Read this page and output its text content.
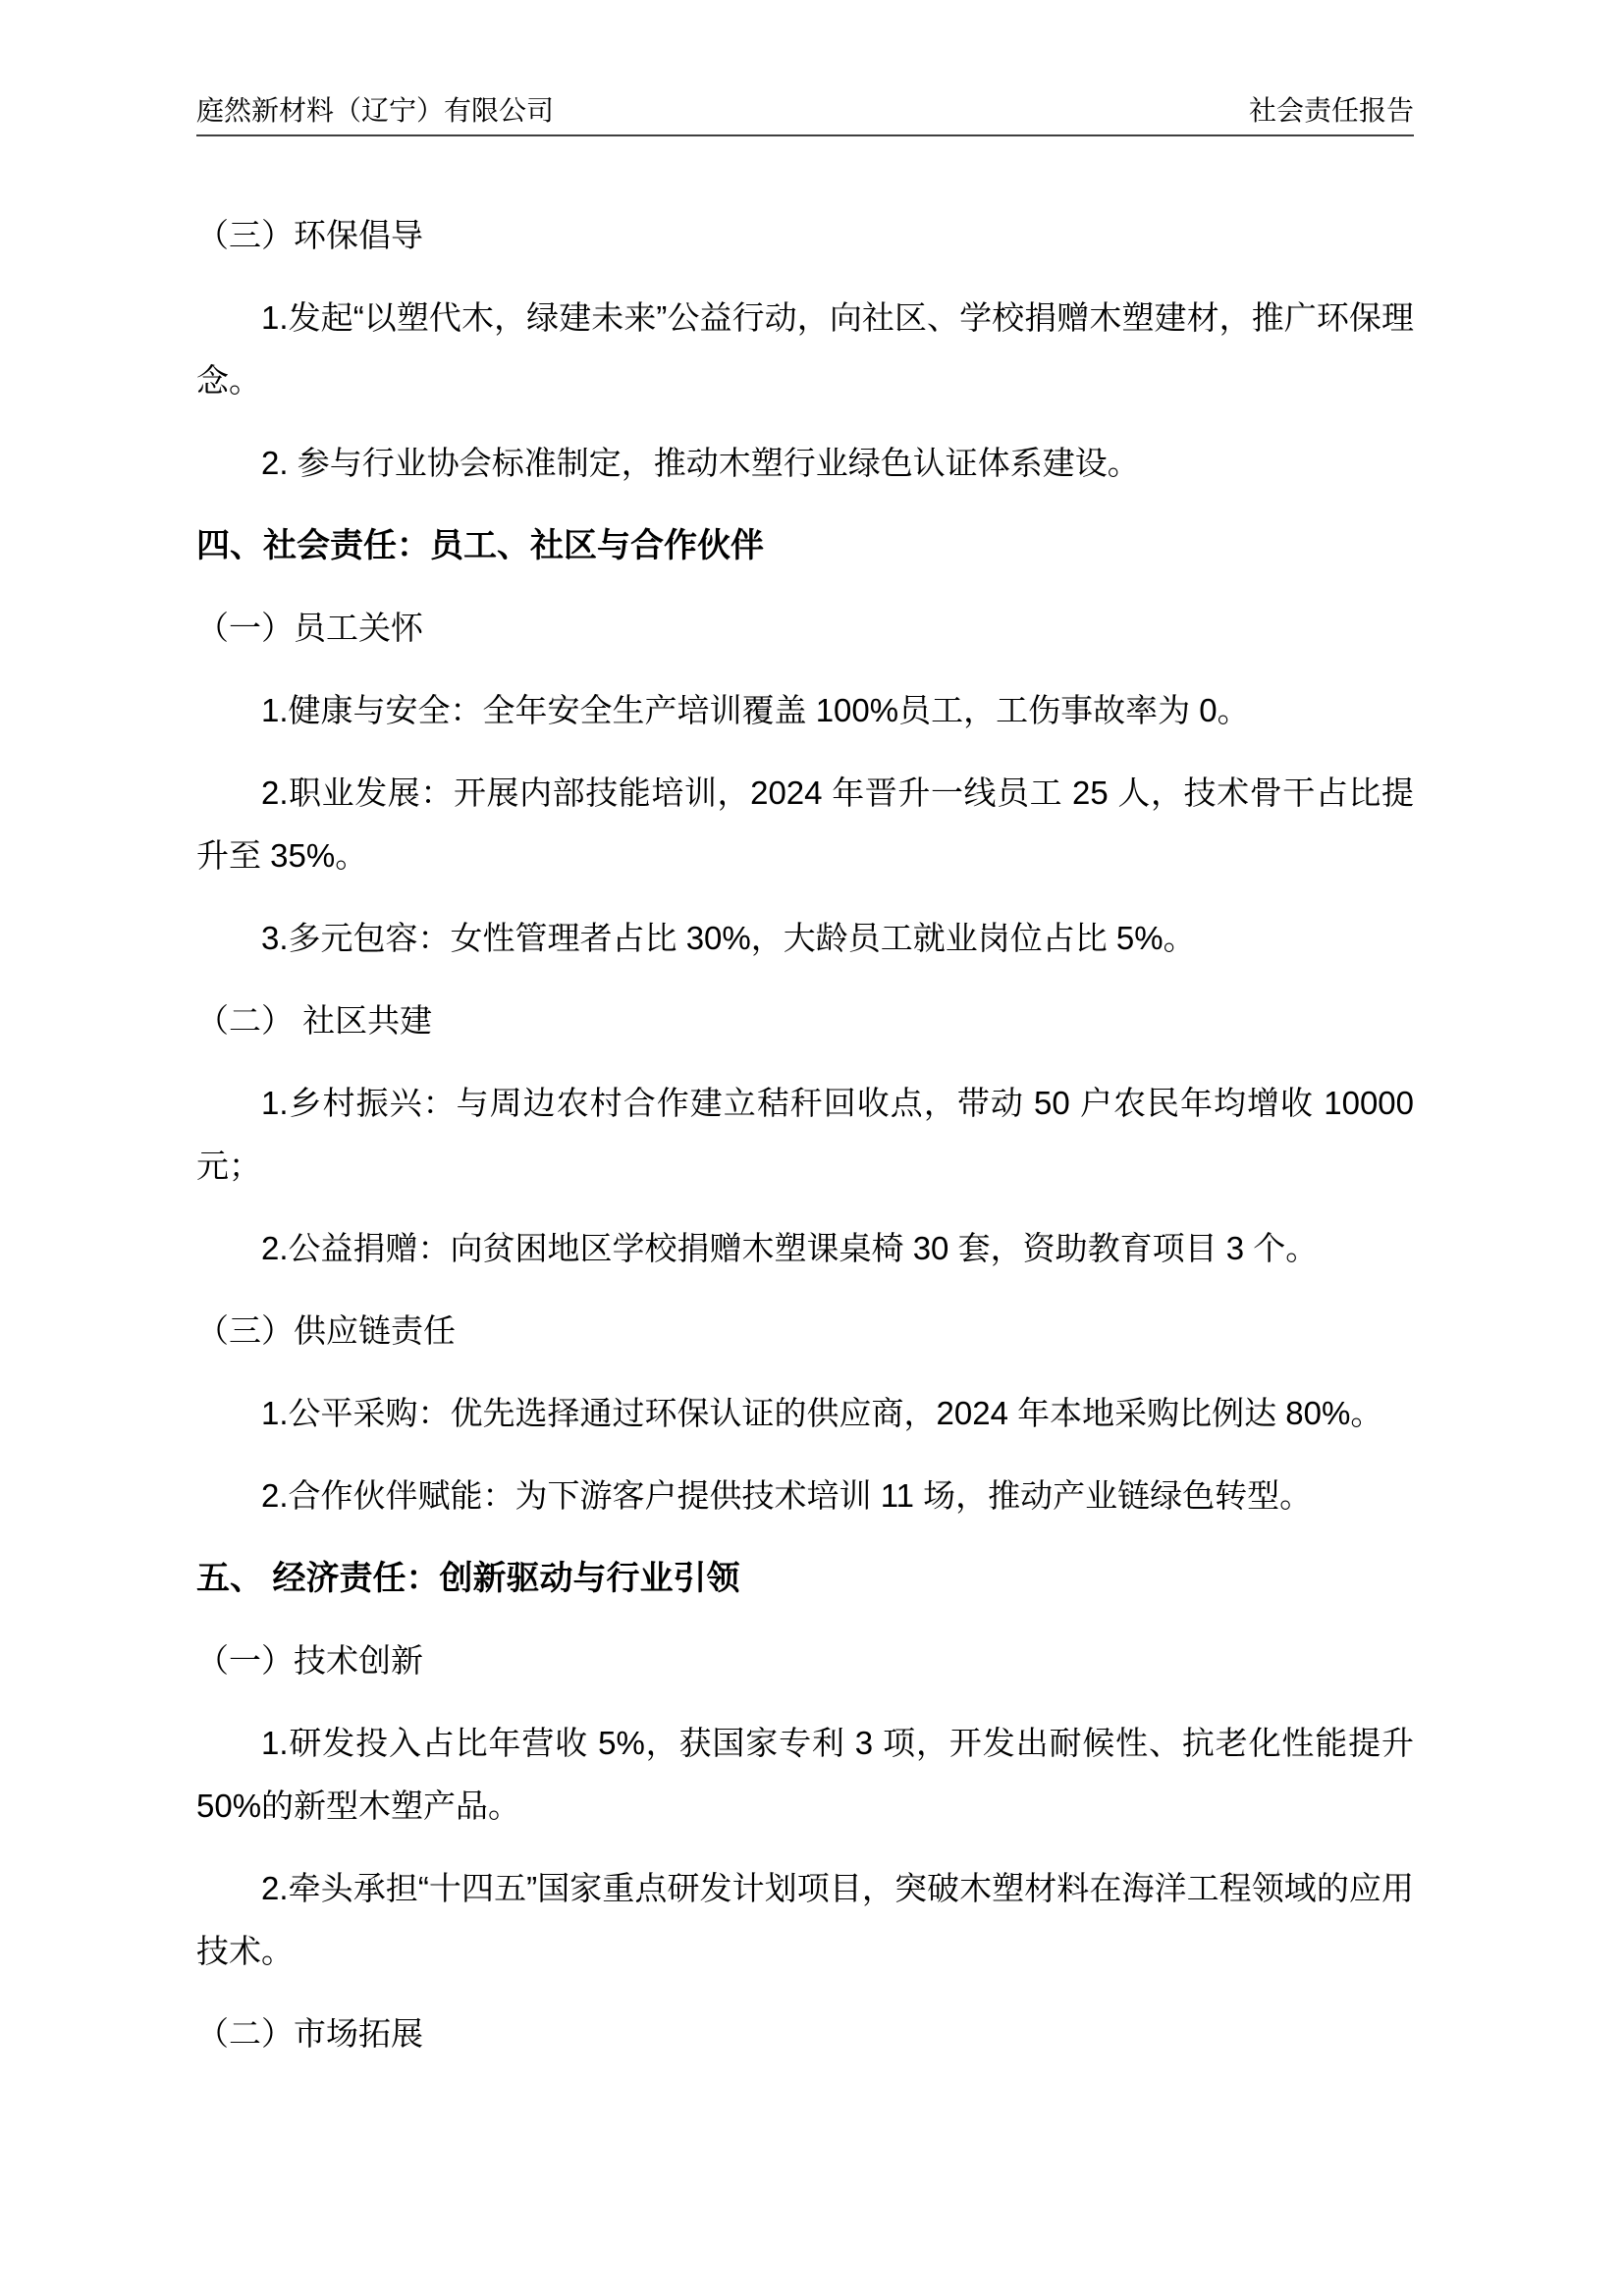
庭然新材料（辽宁）有限公司	社会责任报告

（三）环保倡导

1.发起“以塑代木，绿建未来”公益行动，向社区、学校捐赠木塑建材，推广环保理念。

2. 参与行业协会标准制定，推动木塑行业绿色认证体系建设。

四、社会责任：员工、社区与合作伙伴

（一）员工关怀

1.健康与安全：全年安全生产培训覆盖 100%员工，工伤事故率为 0。

2.职业发展：开展内部技能培训，2024 年晋升一线员工 25 人，技术骨干占比提升至 35%。

3.多元包容：女性管理者占比 30%，大龄员工就业岗位占比 5%。

（二） 社区共建

1.乡村振兴：与周边农村合作建立秸秆回收点，带动 50 户农民年均增收 10000 元；

2.公益捐赠：向贫困地区学校捐赠木塑课桌椅 30 套，资助教育项目 3 个。

（三）供应链责任

1.公平采购：优先选择通过环保认证的供应商，2024 年本地采购比例达 80%。

2.合作伙伴赋能：为下游客户提供技术培训 11 场，推动产业链绿色转型。

五、 经济责任：创新驱动与行业引领

（一）技术创新

1.研发投入占比年营收 5%，获国家专利 3 项，开发出耐候性、抗老化性能提升 50%的新型木塑产品。

2.牵头承担“十四五”国家重点研发计划项目，突破木塑材料在海洋工程领域的应用技术。

（二）市场拓展
